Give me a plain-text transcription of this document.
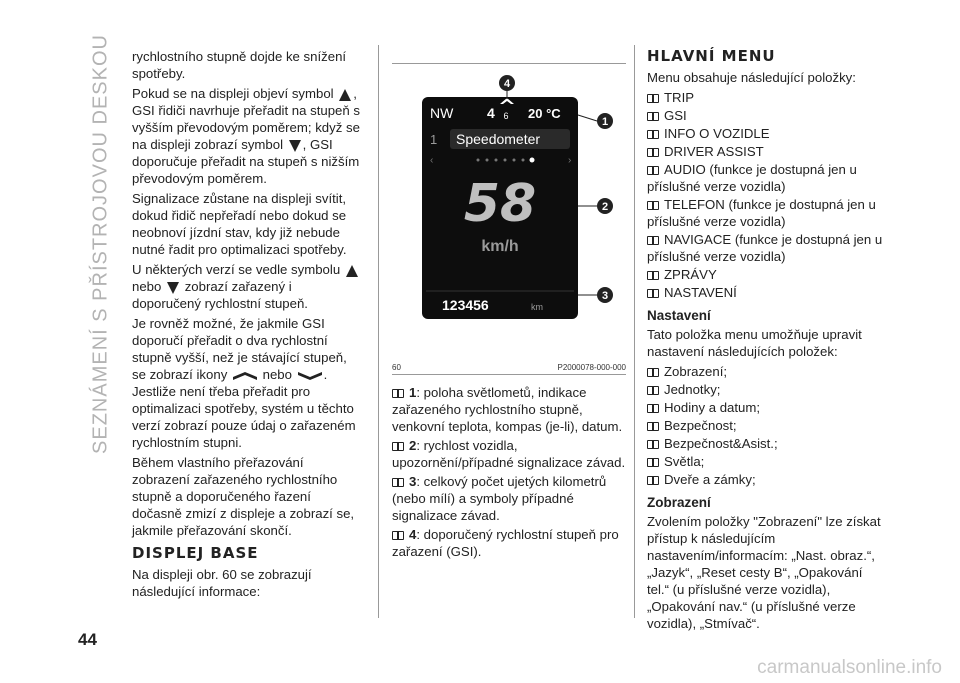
SEZNÁMENÍ S PŘÍSTROJOVOU DESKOU
44

rychlostního stupně dojde ke snížení spotřeby.

Pokud se na displeji objeví symbol , GSI řidiči navrhuje přeřadit na stupeň s vyšším převodovým poměrem; když se na displeji zobrazí symbol , GSI doporučuje přeřadit na stupeň s nižším převodovým poměrem.

Signalizace zůstane na displeji svítit, dokud řidič nepřeřadí nebo dokud se neobnoví jízdní stav, kdy již nebude nutné řadit pro optimalizaci spotřeby.

U některých verzí se vedle symbolu  nebo zobrazí zařazený i doporučený rychlostní stupeň.

Je rovněž možné, že jakmile GSI doporučí přeřadit o dva rychlostní stupně vyšší, než je stávající stupeň, se zobrazí ikony	nebo . Jestliže není třeba přeřadit pro optimalizaci spotřeby, systém u těchto verzí zobrazí pouze údaj o zařazeném rychlostním stupni.

Během vlastního přeřazování zobrazení zařazeného rychlostního stupně a doporučeného řazení dočasně zmizí z displeje a zobrazí se, jakmile přeřazování skončí.

DISPLEJ BASE

Na displeji obr. 60 se zobrazují následující informace:

NW 4 6 20 °C
1 Speedometer
‹	›
58
km/h
123456	km
4
1
2
3
60	P2000078-000-000

1: poloha světlometů, indikace zařazeného rychlostního stupně, venkovní teplota, kompas (je-li), datum.

2: rychlost vozidla, upozornění/případné signalizace závad.

3: celkový počet ujetých kilometrů (nebo mílí) a symboly případné signalizace závad.

4: doporučený rychlostní stupeň pro zařazení (GSI).

HLAVNÍ MENU

Menu obsahuje následující položky:

TRIP
GSI
INFO O VOZIDLE
DRIVER ASSIST
AUDIO (funkce je dostupná jen u příslušné verze vozidla)
TELEFON (funkce je dostupná jen u příslušné verze vozidla)
NAVIGACE (funkce je dostupná jen u příslušné verze vozidla)
ZPRÁVY
NASTAVENÍ
Nastavení

Tato položka menu umožňuje upravit nastavení následujících položek:

Zobrazení;
Jednotky;
Hodiny a datum;
Bezpečnost;
Bezpečnost&Asist.;
Světla;
Dveře a zámky;
Zobrazení

Zvolením položky "Zobrazení" lze získat přístup k následujícím nastavením/informacím: „Nast. obraz.“, „Jazyk“, „Reset cesty B“, „Opakování tel.“ (u příslušné verze vozidla), „Opakování nav.“ (u příslušné verze vozidla), „Stmívač“.

carmanualsonline.info
